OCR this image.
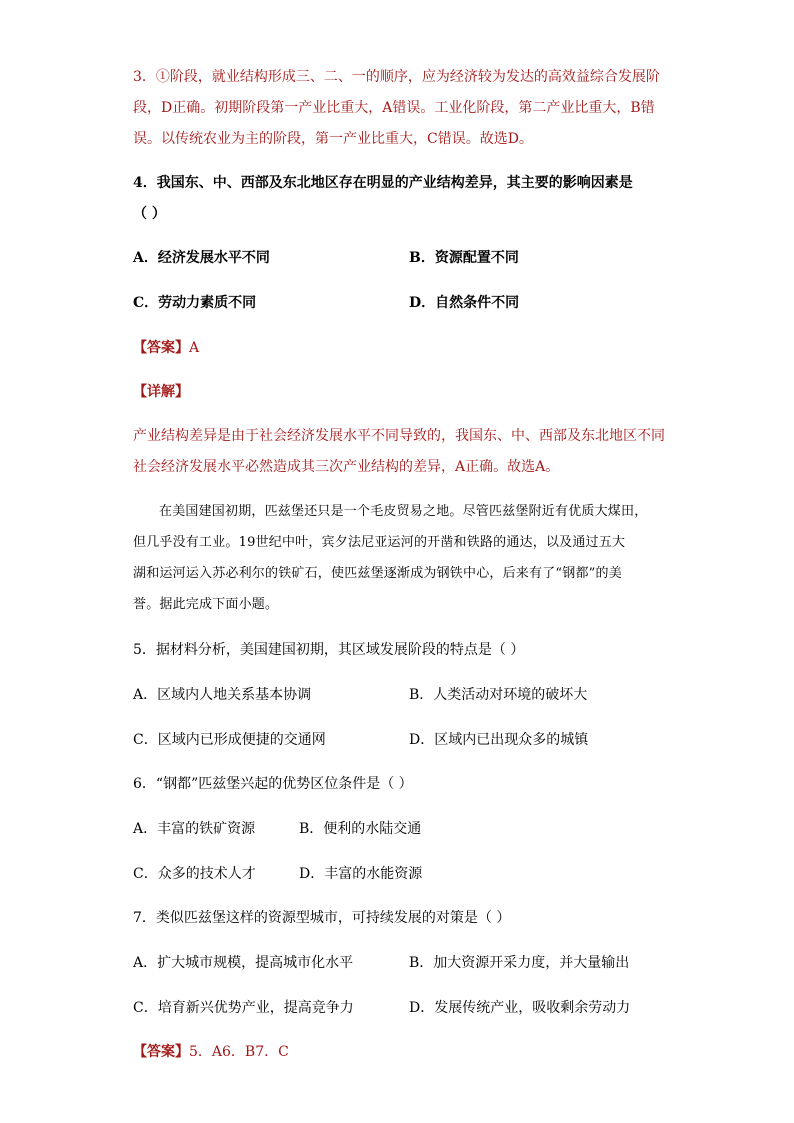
3．①阶段，就业结构形成三、二、一的顺序，应为经济较为发达的高效益综合发展阶
段，D正确。初期阶段第一产业比重大，A错误。工业化阶段，第二产业比重大，B错
误。以传统农业为主的阶段，第一产业比重大，C错误。故选D。
4．我国东、中、西部及东北地区存在明显的产业结构差异，其主要的影响因素是
（ ）
A．经济发展水平不同	B．资源配置不同
C．劳动力素质不同	D．自然条件不同
【答案】A
【详解】
产业结构差异是由于社会经济发展水平不同导致的，我国东、中、西部及东北地区不同
社会经济发展水平必然造成其三次产业结构的差异，A正确。故选A。
在美国建国初期，匹兹堡还只是一个毛皮贸易之地。尽管匹兹堡附近有优质大煤田，
但几乎没有工业。19世纪中叶，宾夕法尼亚运河的开凿和铁路的通达，以及通过五大
湖和运河运入苏必利尔的铁矿石，使匹兹堡逐渐成为钢铁中心，后来有了“钢都”的美
誉。据此完成下面小题。
5．据材料分析，美国建国初期，其区域发展阶段的特点是（ ）
A．区域内人地关系基本协调	B．人类活动对环境的破坏大
C．区域内已形成便捷的交通网	D．区域内已出现众多的城镇
6．“钢都”匹兹堡兴起的优势区位条件是（ ）
A．丰富的铁矿资源	B．便利的水陆交通
C．众多的技术人才	D．丰富的水能资源
7．类似匹兹堡这样的资源型城市，可持续发展的对策是（ ）
A．扩大城市规模，提高城市化水平	B．加大资源开采力度，并大量输出
C．培育新兴优势产业，提高竞争力	D．发展传统产业，吸收剩余劳动力
【答案】5．A6．B7．C
